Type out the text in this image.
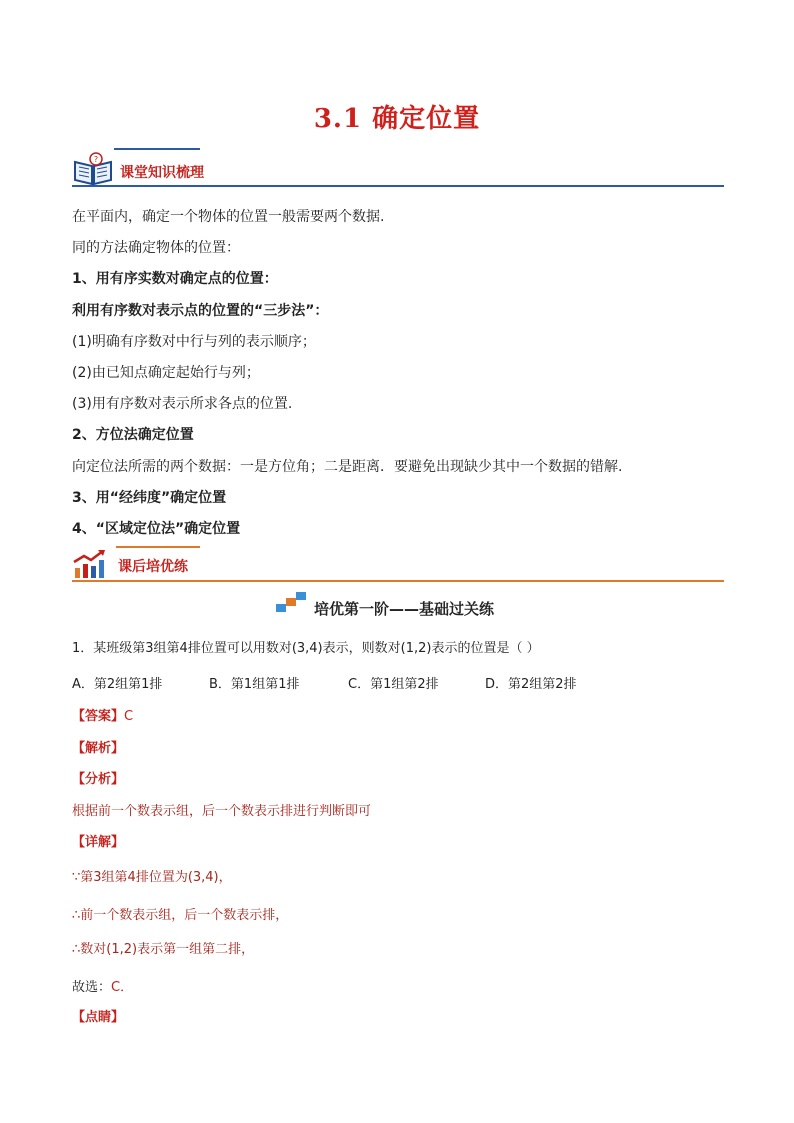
3.1 确定位置
?
课堂知识梳理
在平面内，确定一个物体的位置一般需要两个数据.
同的方法确定物体的位置：
1、用有序实数对确定点的位置：
利用有序数对表示点的位置的“三步法”：
(1)明确有序数对中行与列的表示顺序；
(2)由已知点确定起始行与列；
(3)用有序数对表示所求各点的位置.
2、方位法确定位置
向定位法所需的两个数据：一是方位角；二是距离．要避免出现缺少其中一个数据的错解.
3、用“经纬度”确定位置
4、“区域定位法”确定位置
课后培优练
培优第一阶——基础过关练
1．某班级第3组第4排位置可以用数对(3,4)表示，则数对(1,2)表示的位置是（ ）
A．第2组第1排	B．第1组第1排	C．第1组第2排	D．第2组第2排
【答案】C
【解析】
【分析】
根据前一个数表示组，后一个数表示排进行判断即可
【详解】
∵第3组第4排位置为(3,4)，
∴前一个数表示组，后一个数表示排，
∴数对(1,2)表示第一组第二排，
故选：C．
【点睛】
